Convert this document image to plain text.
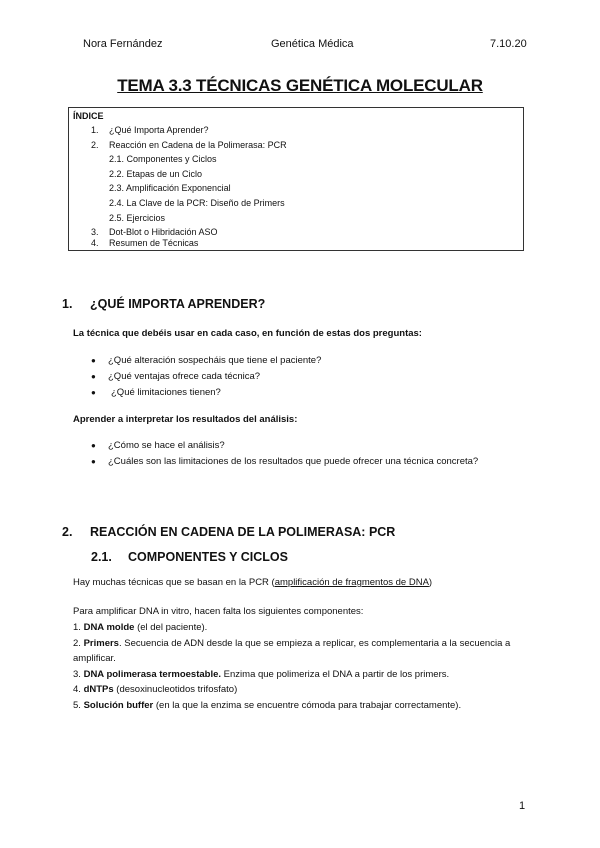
Nora Fernández	Genética Médica	7.10.20
TEMA 3.3 TÉCNICAS GENÉTICA MOLECULAR
ÍNDICE
1. ¿Qué Importa Aprender?
2. Reacción en Cadena de la Polimerasa: PCR
2.1. Componentes y Ciclos
2.2. Etapas de un Ciclo
2.3. Amplificación Exponencial
2.4. La Clave de la PCR: Diseño de Primers
2.5. Ejercicios
3. Dot-Blot o Hibridación ASO
4. Resumen de Técnicas
1. ¿QUÉ IMPORTA APRENDER?
La técnica que debéis usar en cada caso, en función de estas dos preguntas:
● ¿Qué alteración sospecháis que tiene el paciente?
● ¿Qué ventajas ofrece cada técnica?
● ¿Qué limitaciones tienen?
Aprender a interpretar los resultados del análisis:
● ¿Cómo se hace el análisis?
● ¿Cuáles son las limitaciones de los resultados que puede ofrecer una técnica concreta?
2. REACCIÓN EN CADENA DE LA POLIMERASA: PCR
2.1. COMPONENTES Y CICLOS
Hay muchas técnicas que se basan en la PCR (amplificación de fragmentos de DNA)
Para amplificar DNA in vitro, hacen falta los siguientes componentes:
1. DNA molde (el del paciente).
2. Primers. Secuencia de ADN desde la que se empieza a replicar, es complementaria a la secuencia a
amplificar.
3. DNA polimerasa termoestable. Enzima que polimeriza el DNA a partir de los primers.
4. dNTPs (desoxinucleotidos trifosfato)
5. Solución buffer (en la que la enzima se encuentre cómoda para trabajar correctamente).
1
